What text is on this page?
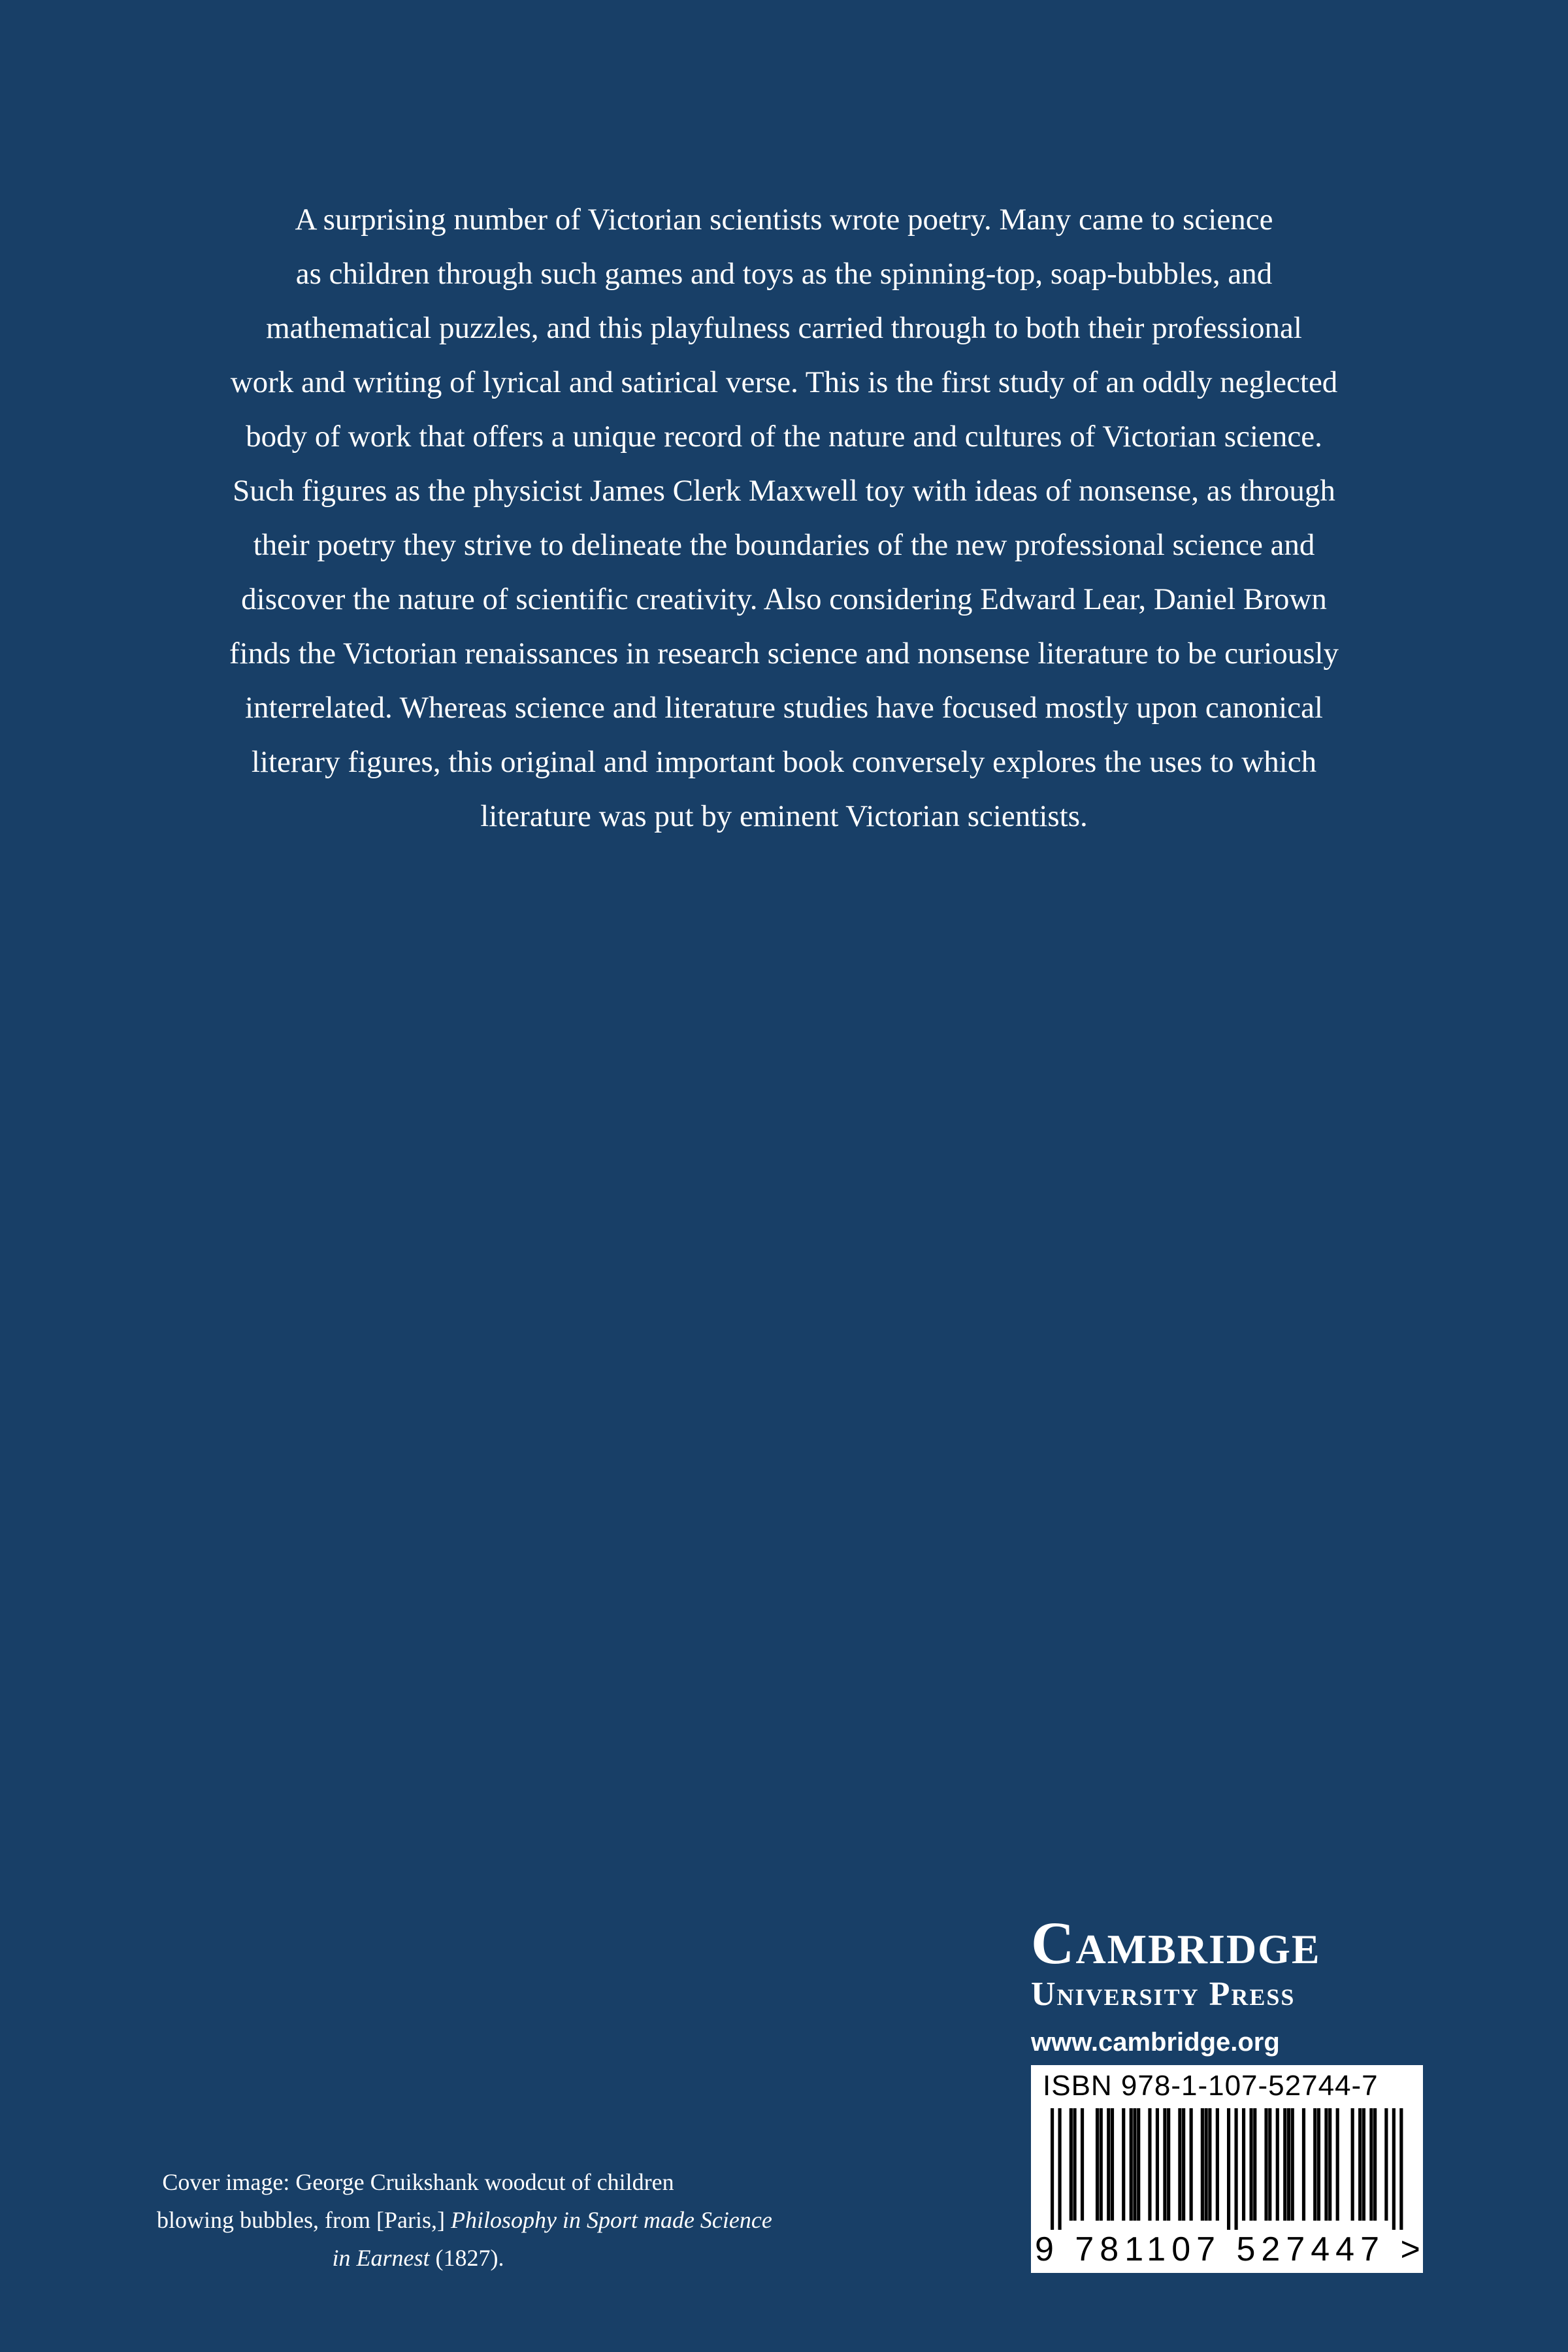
A surprising number of Victorian scientists wrote poetry. Many came to science
as children through such games and toys as the spinning-top, soap-bubbles, and
mathematical puzzles, and this playfulness carried through to both their professional
work and writing of lyrical and satirical verse. This is the first study of an oddly neglected
body of work that offers a unique record of the nature and cultures of Victorian science.
Such figures as the physicist James Clerk Maxwell toy with ideas of nonsense, as through
their poetry they strive to delineate the boundaries of the new professional science and
discover the nature of scientific creativity. Also considering Edward Lear, Daniel Brown
finds the Victorian renaissances in research science and nonsense literature to be curiously
interrelated. Whereas science and literature studies have focused mostly upon canonical
literary figures, this original and important book conversely explores the uses to which
literature was put by eminent Victorian scientists.
Cambridge
University Press
www.cambridge.org
ISBN 978-1-107-52744-7
9 781107 527447 >
Cover image: George Cruikshank woodcut of children
blowing bubbles, from [Paris,] Philosophy in Sport made Science
in Earnest (1827).
